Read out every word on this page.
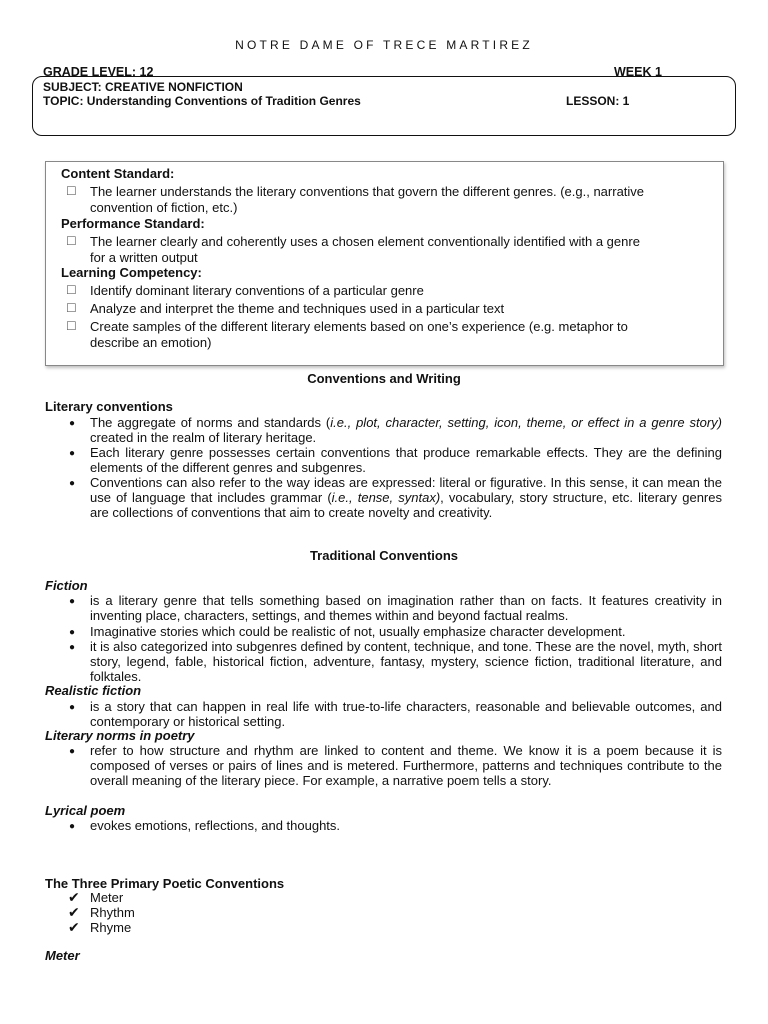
NOTRE DAME OF TRECE MARTIREZ
GRADE LEVEL: 12	WEEK 1
SUBJECT: CREATIVE NONFICTION
TOPIC: Understanding Conventions of Tradition Genres	LESSON: 1
Content Standard:
☐ The learner understands the literary conventions that govern the different genres. (e.g., narrative
convention of fiction, etc.)
Performance Standard:
☐ The learner clearly and coherently uses a chosen element conventionally identified with a genre
for a written output
Learning Competency:
☐ Identify dominant literary conventions of a particular genre
☐ Analyze and interpret the theme and techniques used in a particular text
☐ Create samples of the different literary elements based on one’s experience (e.g. metaphor to
describe an emotion)
Conventions and Writing
Literary conventions
● The aggregate of norms and standards (i.e., plot, character, setting, icon, theme, or effect in a genre story) created in the realm of literary heritage.
● Each literary genre possesses certain conventions that produce remarkable effects. They are the defining elements of the different genres and subgenres.
● Conventions can also refer to the way ideas are expressed: literal or figurative. In this sense, it can mean the use of language that includes grammar (i.e., tense, syntax), vocabulary, story structure, etc. literary genres are collections of conventions that aim to create novelty and creativity.
Traditional Conventions
Fiction
● is a literary genre that tells something based on imagination rather than on facts. It features creativity in inventing place, characters, settings, and themes within and beyond factual realms.
● Imaginative stories which could be realistic of not, usually emphasize character development.
● it is also categorized into subgenres defined by content, technique, and tone. These are the novel, myth, short story, legend, fable, historical fiction, adventure, fantasy, mystery, science fiction, traditional literature, and folktales.
Realistic fiction
● is a story that can happen in real life with true-to-life characters, reasonable and believable outcomes, and contemporary or historical setting.
Literary norms in poetry
● refer to how structure and rhythm are linked to content and theme. We know it is a poem because it is composed of verses or pairs of lines and is metered. Furthermore, patterns and techniques contribute to the overall meaning of the literary piece. For example, a narrative poem tells a story.
Lyrical poem
● evokes emotions, reflections, and thoughts.
The Three Primary Poetic Conventions
✔ Meter
✔ Rhythm
✔ Rhyme
Meter
